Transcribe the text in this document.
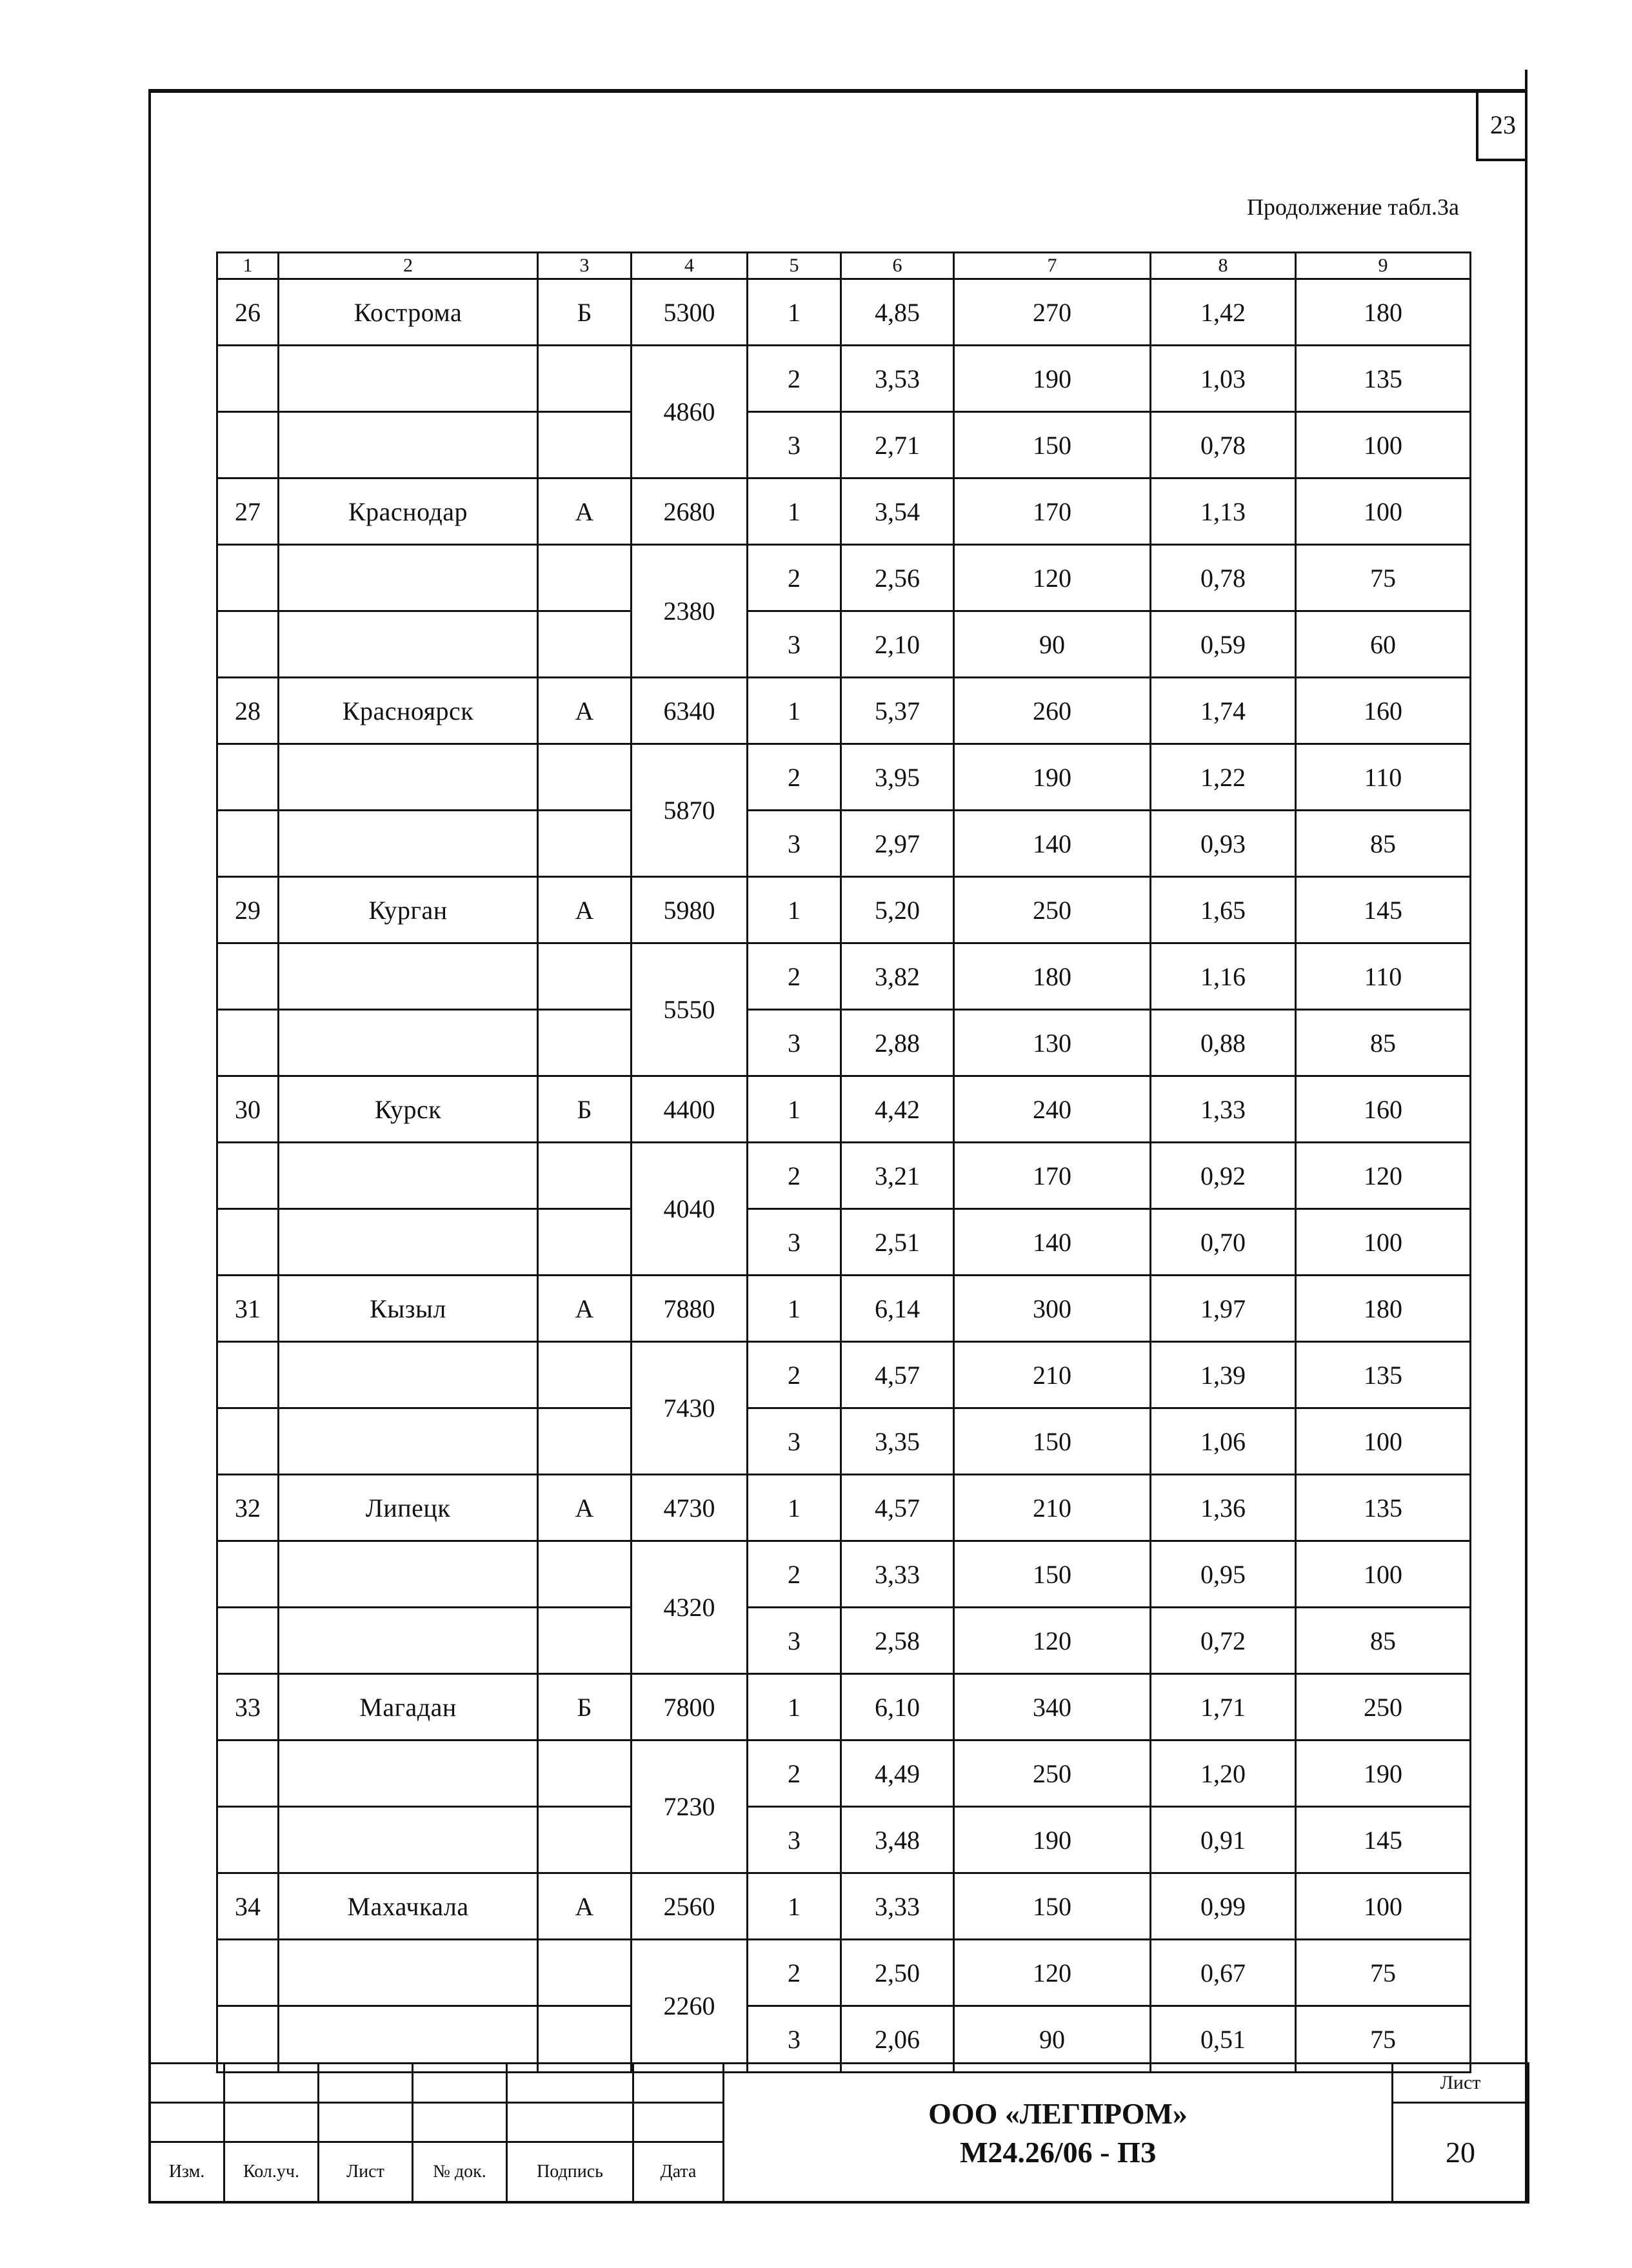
23
Продолжение табл.3а
1	2	3	4	5	6	7	8	9
26	Кострома	Б	5300	1	4,85	270	1,42	180
			4860	2	3,53	190	1,03	135
				3	2,71	150	0,78	100
27	Краснодар	А	2680	1	3,54	170	1,13	100
			2380	2	2,56	120	0,78	75
				3	2,10	90	0,59	60
28	Красноярск	А	6340	1	5,37	260	1,74	160
			5870	2	3,95	190	1,22	110
				3	2,97	140	0,93	85
29	Курган	А	5980	1	5,20	250	1,65	145
			5550	2	3,82	180	1,16	110
				3	2,88	130	0,88	85
30	Курск	Б	4400	1	4,42	240	1,33	160
			4040	2	3,21	170	0,92	120
				3	2,51	140	0,70	100
31	Кызыл	А	7880	1	6,14	300	1,97	180
			7430	2	4,57	210	1,39	135
				3	3,35	150	1,06	100
32	Липецк	А	4730	1	4,57	210	1,36	135
			4320	2	3,33	150	0,95	100
				3	2,58	120	0,72	85
33	Магадан	Б	7800	1	6,10	340	1,71	250
			7230	2	4,49	250	1,20	190
				3	3,48	190	0,91	145
34	Махачкала	А	2560	1	3,33	150	0,99	100
			2260	2	2,50	120	0,67	75
				3	2,06	90	0,51	75

						ООО «ЛЕГПРОМ»
М24.26/06 - ПЗ	Лист
							20
Изм.	Кол.уч.	Лист	№ док.	Подпись	Дата		
